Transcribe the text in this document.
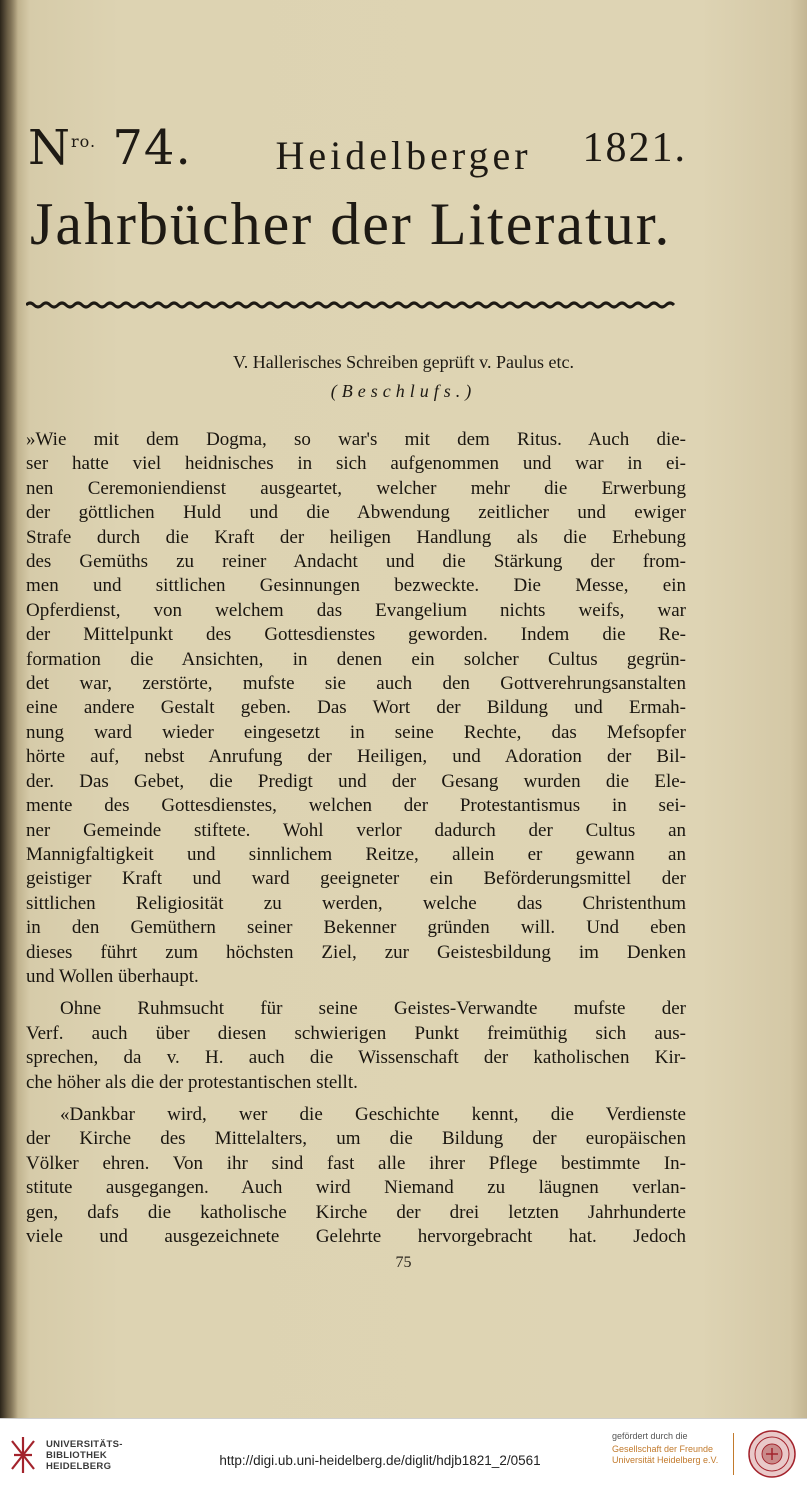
$N^{ro.}$ 74.	Heidelberger	1821.
Jahrbücher der Literatur.
V. Hallerisches Schreiben geprüft v. Paulus etc.
(Beschlufs.)
»Wie mit dem Dogma, so war's mit dem Ritus. Auch die-
ser hatte viel heidnisches in sich aufgenommen und war in ei-
nen Ceremoniendienst ausgeartet, welcher mehr die Erwerbung
der göttlichen Huld und die Abwendung zeitlicher und ewiger
Strafe durch die Kraft der heiligen Handlung als die Erhebung
des Gemüths zu reiner Andacht und die Stärkung der from-
men und sittlichen Gesinnungen bezweckte. Die Messe, ein
Opferdienst, von welchem das Evangelium nichts weifs, war
der Mittelpunkt des Gottesdienstes geworden. Indem die Re-
formation die Ansichten, in denen ein solcher Cultus gegrün-
det war, zerstörte, mufste sie auch den Gottverehrungsanstalten
eine andere Gestalt geben. Das Wort der Bildung und Ermah-
nung ward wieder eingesetzt in seine Rechte, das Mefsopfer
hörte auf, nebst Anrufung der Heiligen, und Adoration der Bil-
der. Das Gebet, die Predigt und der Gesang wurden die Ele-
mente des Gottesdienstes, welchen der Protestantismus in sei-
ner Gemeinde stiftete. Wohl verlor dadurch der Cultus an
Mannigfaltigkeit und sinnlichem Reitze, allein er gewann an
geistiger Kraft und ward geeigneter ein Beförderungsmittel der
sittlichen Religiosität zu werden, welche das Christenthum
in den Gemüthern seiner Bekenner gründen will. Und eben
dieses führt zum höchsten Ziel, zur Geistesbildung im Denken
und Wollen überhaupt.
Ohne Ruhmsucht für seine Geistes-Verwandte mufste der
Verf. auch über diesen schwierigen Punkt freimüthig sich aus-
sprechen, da v. H. auch die Wissenschaft der katholischen Kir-
che höher als die der protestantischen stellt.
«Dankbar wird, wer die Geschichte kennt, die Verdienste
der Kirche des Mittelalters, um die Bildung der europäischen
Völker ehren. Von ihr sind fast alle ihrer Pflege bestimmte In-
stitute ausgegangen. Auch wird Niemand zu läugnen verlan-
gen, dafs die katholische Kirche der drei letzten Jahrhunderte
viele und ausgezeichnete Gelehrte hervorgebracht hat. Jedoch
75
UNIVERSITÄTS-
BIBLIOTHEK
HEIDELBERG	http://digi.ub.uni-heidelberg.de/diglit/hdjb1821_2/0561
gefördert durch die
Gesellschaft der Freunde
Universität Heidelberg e.V.
